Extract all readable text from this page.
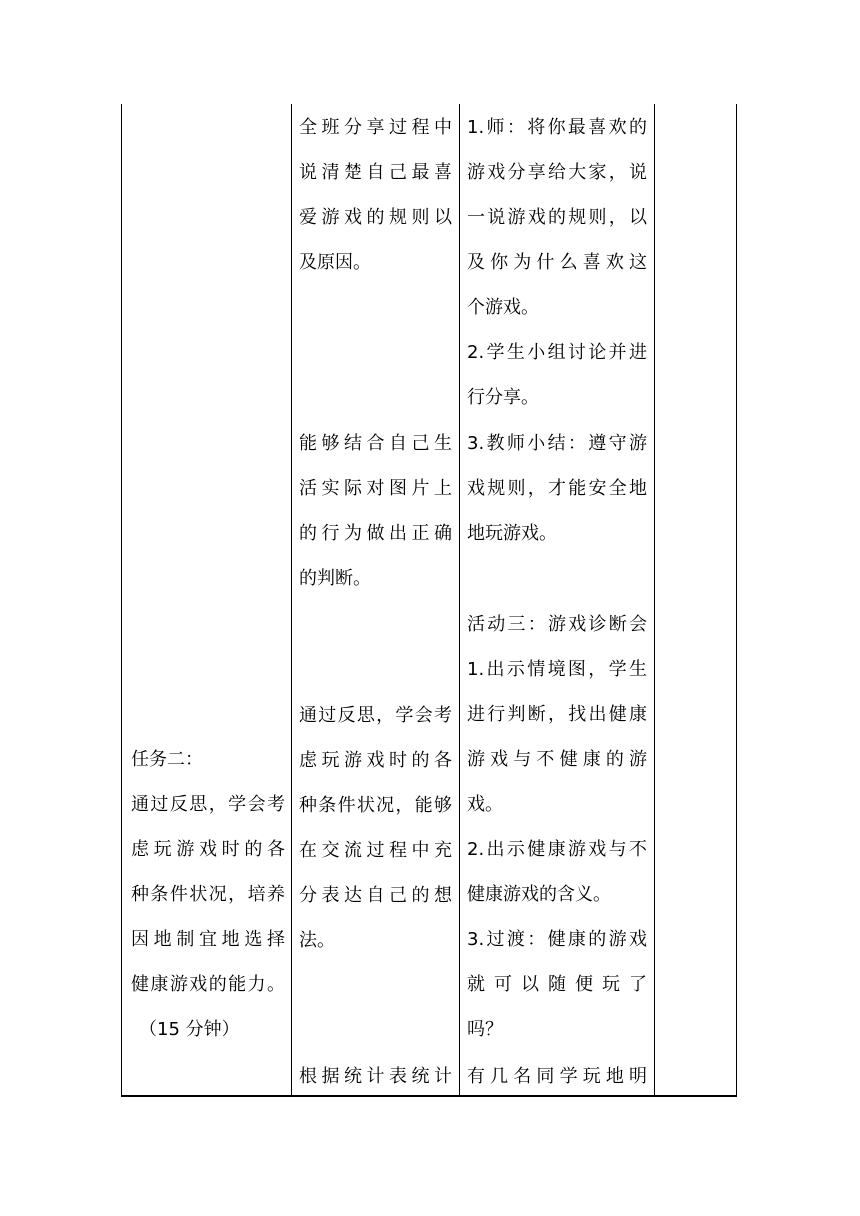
任务二：
通过反思，学会考
虑玩游戏时的各
种条件状况，培养
因地制宜地选择
健康游戏的能力。
（15 分钟）
全班分享过程中
说清楚自己最喜
爱游戏的规则以
及原因。
能够结合自己生
活实际对图片上
的行为做出正确
的判断。
通过反思，学会考
虑玩游戏时的各
种条件状况，能够
在交流过程中充
分表达自己的想
法。
根据统计表统计
1.师：将你最喜欢的
游戏分享给大家，说
一说游戏的规则，以
及你为什么喜欢这
个游戏。
2.学生小组讨论并进
行分享。
3.教师小结：遵守游
戏规则，才能安全地
地玩游戏。
活动三：游戏诊断会
1.出示情境图，学生
进行判断，找出健康
游戏与不健康的游
戏。
2.出示健康游戏与不
健康游戏的含义。
3.过渡：健康的游戏
就可以随便玩了
吗？
有几名同学玩地明
